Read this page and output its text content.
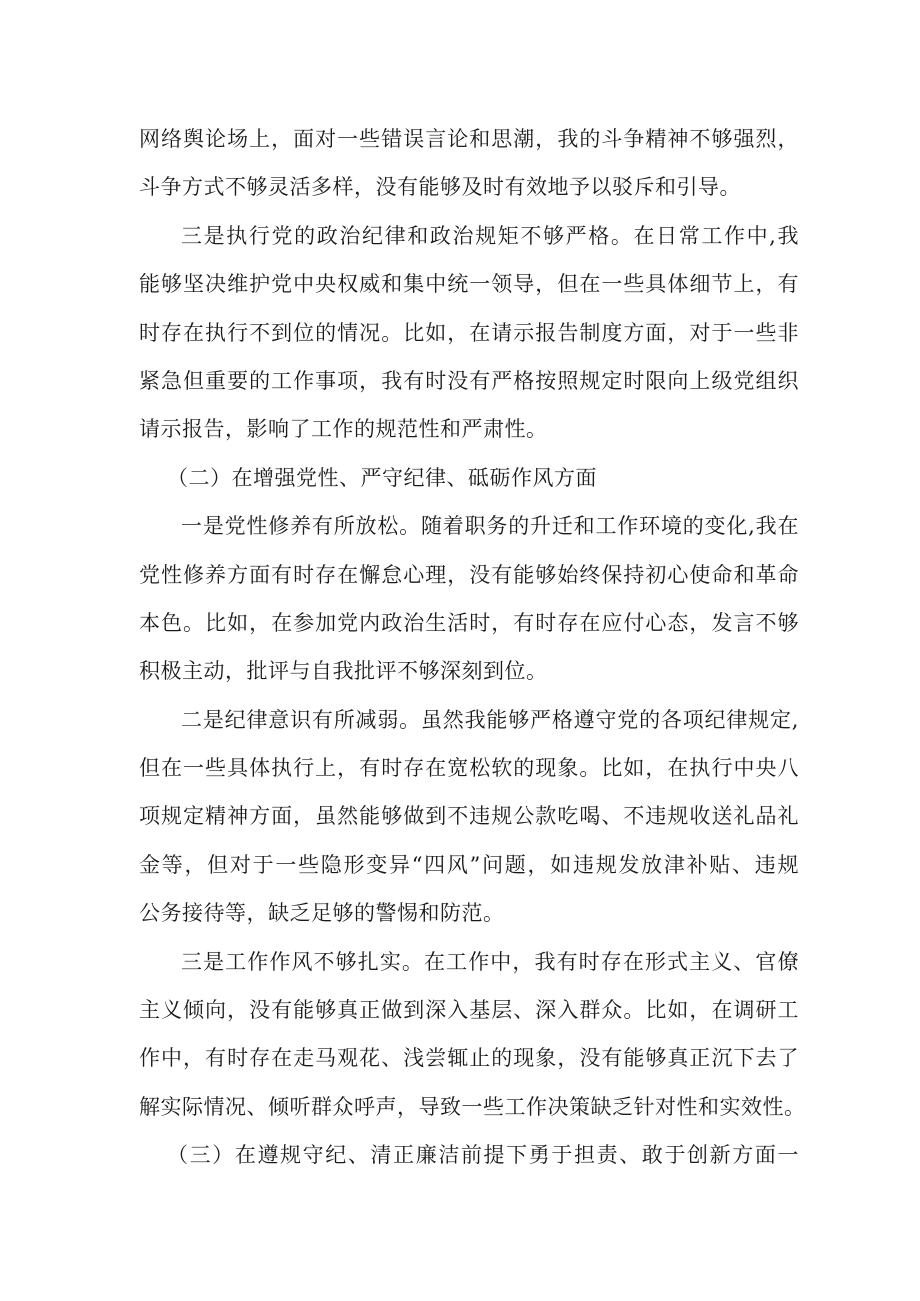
网络舆论场上，面对一些错误言论和思潮，我的斗争精神不够强烈，
斗争方式不够灵活多样，没有能够及时有效地予以驳斥和引导。
三是执行党的政治纪律和政治规矩不够严格。在日常工作中,我
能够坚决维护党中央权威和集中统一领导，但在一些具体细节上，有
时存在执行不到位的情况。比如，在请示报告制度方面，对于一些非
紧急但重要的工作事项，我有时没有严格按照规定时限向上级党组织
请示报告，影响了工作的规范性和严肃性。
（二）在增强党性、严守纪律、砥砺作风方面
一是党性修养有所放松。随着职务的升迁和工作环境的变化,我在
党性修养方面有时存在懈怠心理，没有能够始终保持初心使命和革命
本色。比如，在参加党内政治生活时，有时存在应付心态，发言不够
积极主动，批评与自我批评不够深刻到位。
二是纪律意识有所减弱。虽然我能够严格遵守党的各项纪律规定,
但在一些具体执行上，有时存在宽松软的现象。比如，在执行中央八
项规定精神方面，虽然能够做到不违规公款吃喝、不违规收送礼品礼
金等，但对于一些隐形变异“四风”问题，如违规发放津补贴、违规
公务接待等，缺乏足够的警惕和防范。
三是工作作风不够扎实。在工作中，我有时存在形式主义、官僚
主义倾向，没有能够真正做到深入基层、深入群众。比如，在调研工
作中，有时存在走马观花、浅尝辄止的现象，没有能够真正沉下去了
解实际情况、倾听群众呼声，导致一些工作决策缺乏针对性和实效性。
（三）在遵规守纪、清正廉洁前提下勇于担责、敢于创新方面一
